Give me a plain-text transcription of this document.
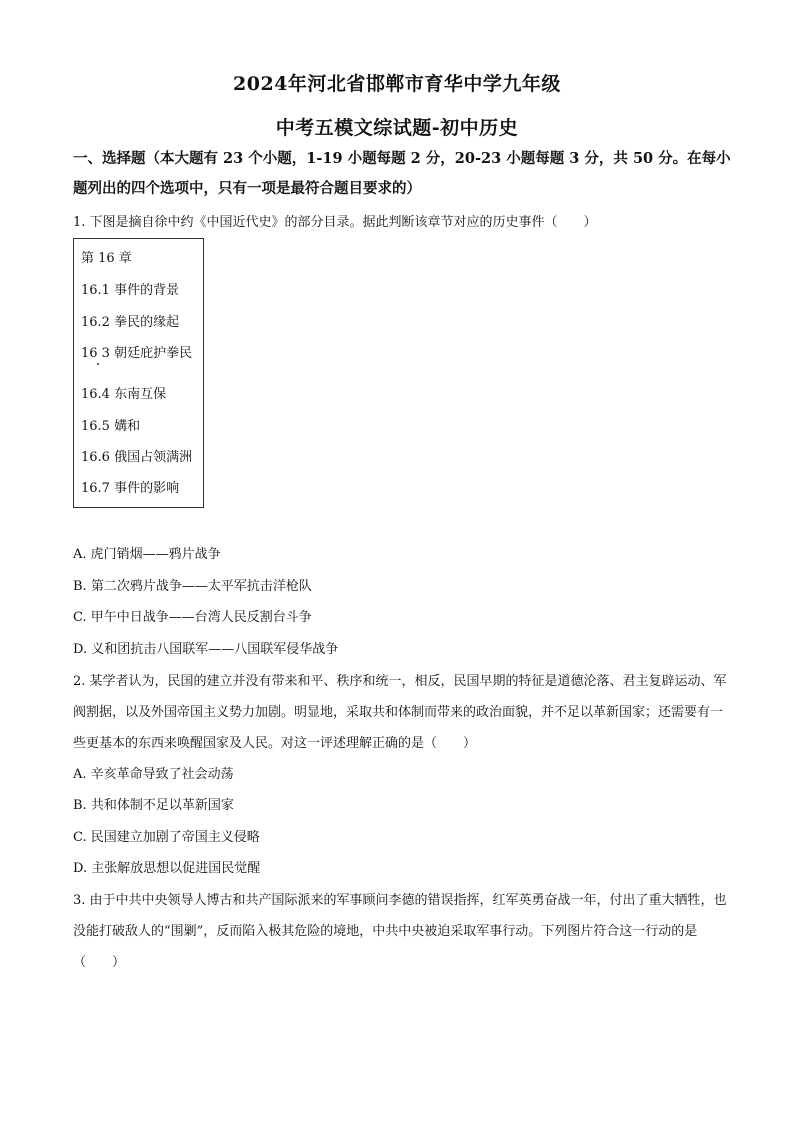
2024年河北省邯郸市育华中学九年级
中考五模文综试题-初中历史
一、选择题（本大题有 23 个小题，1-19 小题每题 2 分，20-23 小题每题 3 分，共 50 分。在每小题列出的四个选项中，只有一项是最符合题目要求的）
1. 下图是摘自徐中约《中国近代史》的部分目录。据此判断该章节对应的历史事件（　　）
第 16 章
16.1 事件的背景
16.2 拳民的缘起
16 3 朝廷庇护拳民
16.4 东南互保
16.5 媾和
16.6 俄国占领满洲
16.7 事件的影响
A. 虎门销烟——鸦片战争
B. 第二次鸦片战争——太平军抗击洋枪队
C. 甲午中日战争——台湾人民反割台斗争
D. 义和团抗击八国联军——八国联军侵华战争
2. 某学者认为，民国的建立并没有带来和平、秩序和统一，相反，民国早期的特征是道德沦落、君主复辟运动、军阀割据，以及外国帝国主义势力加剧。明显地，采取共和体制而带来的政治面貌，并不足以革新国家；还需要有一些更基本的东西来唤醒国家及人民。对这一评述理解正确的是（　　）
A. 辛亥革命导致了社会动荡
B. 共和体制不足以革新国家
C. 民国建立加剧了帝国主义侵略
D. 主张解放思想以促进国民觉醒
3. 由于中共中央领导人博古和共产国际派来的军事顾问李德的错误指挥，红军英勇奋战一年，付出了重大牺牲，也没能打破敌人的“围剿”，反而陷入极其危险的境地，中共中央被迫采取军事行动。下列图片符合这一行动的是（　　）
